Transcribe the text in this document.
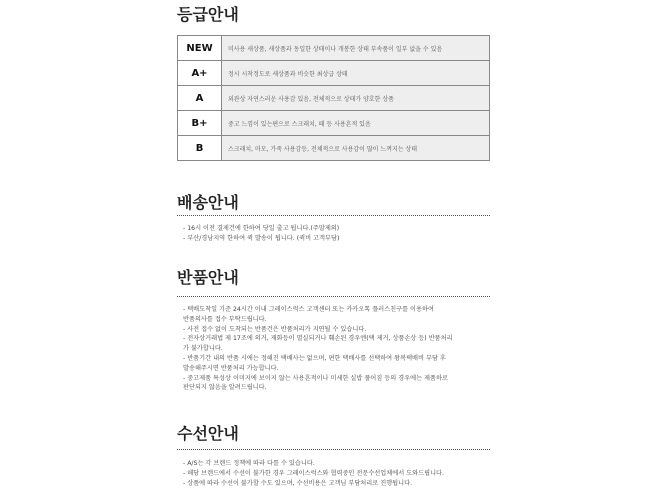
등급안내
NEW	미사용 새상품, 새상품과 동일한 상태이나 개봉한 상태 부속품이 일부 없을 수 있음
A+	정시 시착정도로 새상품과 비슷한 최상급 상태
A	외관상 자연스러운 사용감 있음, 전체적으로 상태가 양호한 상품
B+	중고 느낌이 있는편으로 스크래치, 때 등 사용흔적 있음
B	스크래치, 마모, 가죽 사용감등, 전체적으로 사용감이 많이 느껴지는 상태
배송안내
- 16시 이전 결제건에 한하여 당일 출고 됩니다.(주말제외)
- 부산/경남지역 한하여 퀵 발송이 됩니다. (퀵비 고객부담)
반품안내
- 택배도착일 기준 24시간 이내 그레이스럭스 고객센터 또는 카카오톡 플러스친구를 이용하여
반품의사를 접수 부탁드립니다.
- 사전 접수 없이 도착되는 반품건은 반품처리가 지연될 수 있습니다.
- 전자상거래법 제 17조에 의거, 재화등이 멸실되거나 훼손된 경우엔(택 제거, 상품손상 등) 반품처리
가 불가합니다.
- 반품기간 내의 반품 시에는 정해진 택배사는 없으며, 편한 택배사를 선택하여 왕복택배비 부담 후
발송해주시면 반품처리 가능합니다.
- 중고제품 특성상 이미지에 보이지 않는 사용흔적이나 미세한 실밥 풀어짐 등의 경우에는 제품하로
판단되지 않음을 알려드립니다.
수선안내
- A/S는 각 브랜드 정책에 따라 다를 수 있습니다.
- 해당 브랜드에서 수선이 불가한 경우 그레이스럭스와 협력중인 전문수선업체에서 도와드립니다.
- 상품에 따라 수선이 불가할 수도 있으며, 수선비용은 고객님 부담처리로 진행됩니다.
